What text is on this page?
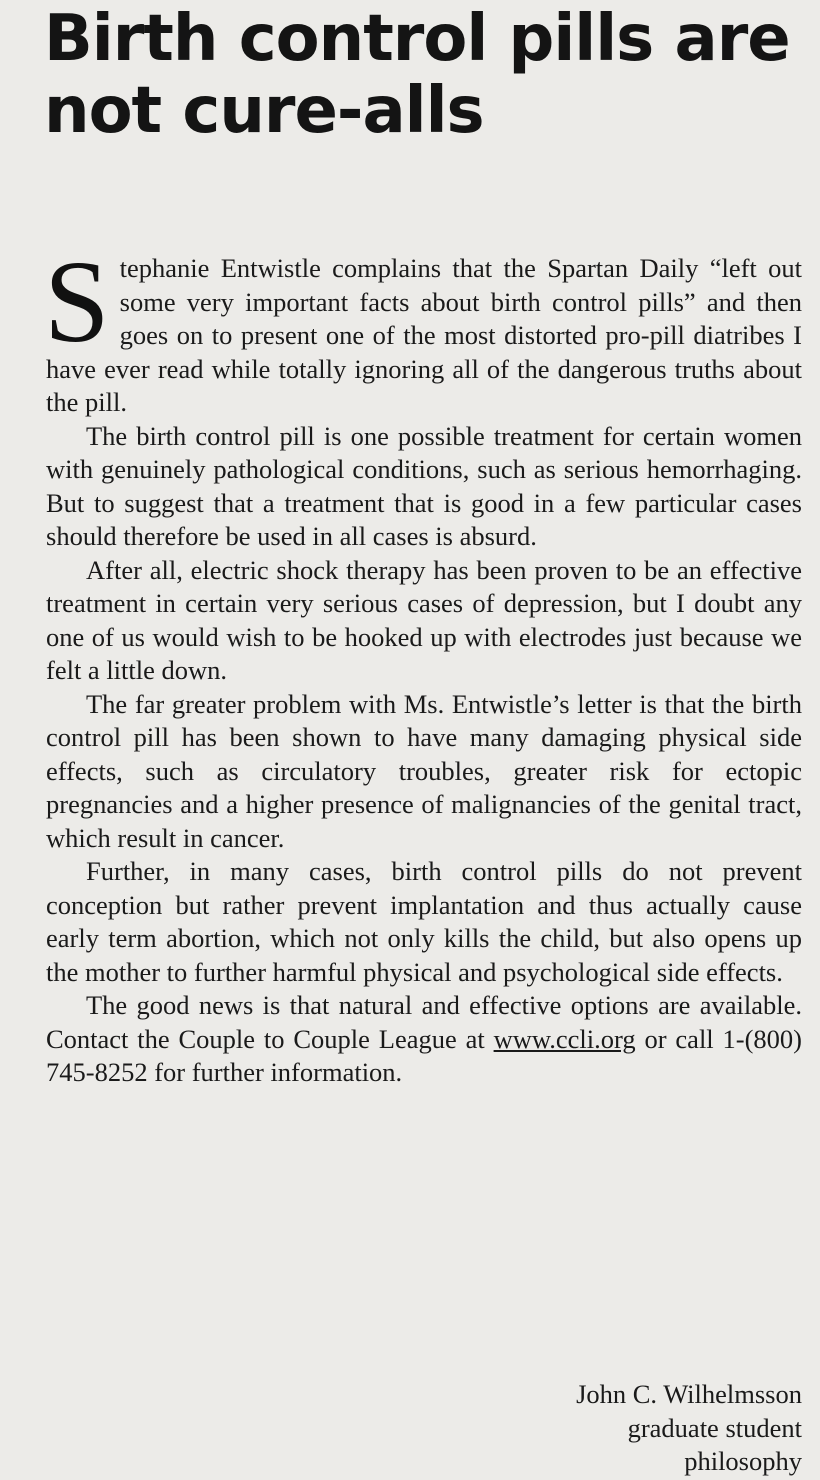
Birth control pills are not cure-alls

Stephanie Entwistle complains that the Spartan Daily “left out some very important facts about birth control pills” and then goes on to present one of the most distorted pro-pill diatribes I have ever read while totally ignoring all of the dangerous truths about the pill.

The birth control pill is one possible treatment for certain women with genuinely pathological conditions, such as serious hemorrhaging. But to suggest that a treatment that is good in a few particular cases should therefore be used in all cases is absurd.

After all, electric shock therapy has been proven to be an effective treatment in certain very serious cases of depression, but I doubt any one of us would wish to be hooked up with electrodes just because we felt a little down.

The far greater problem with Ms. Entwistle’s letter is that the birth control pill has been shown to have many damaging physical side effects, such as circulatory troubles, greater risk for ectopic pregnancies and a higher presence of malignancies of the genital tract, which result in cancer.

Further, in many cases, birth control pills do not prevent conception but rather prevent implantation and thus actually cause early term abortion, which not only kills the child, but also opens up the mother to further harmful physical and psychological side effects.

The good news is that natural and effective options are available. Contact the Couple to Couple League at www.ccli.org or call 1-(800) 745-8252 for further information.

John C. Wilhelmsson
graduate student
philosophy
